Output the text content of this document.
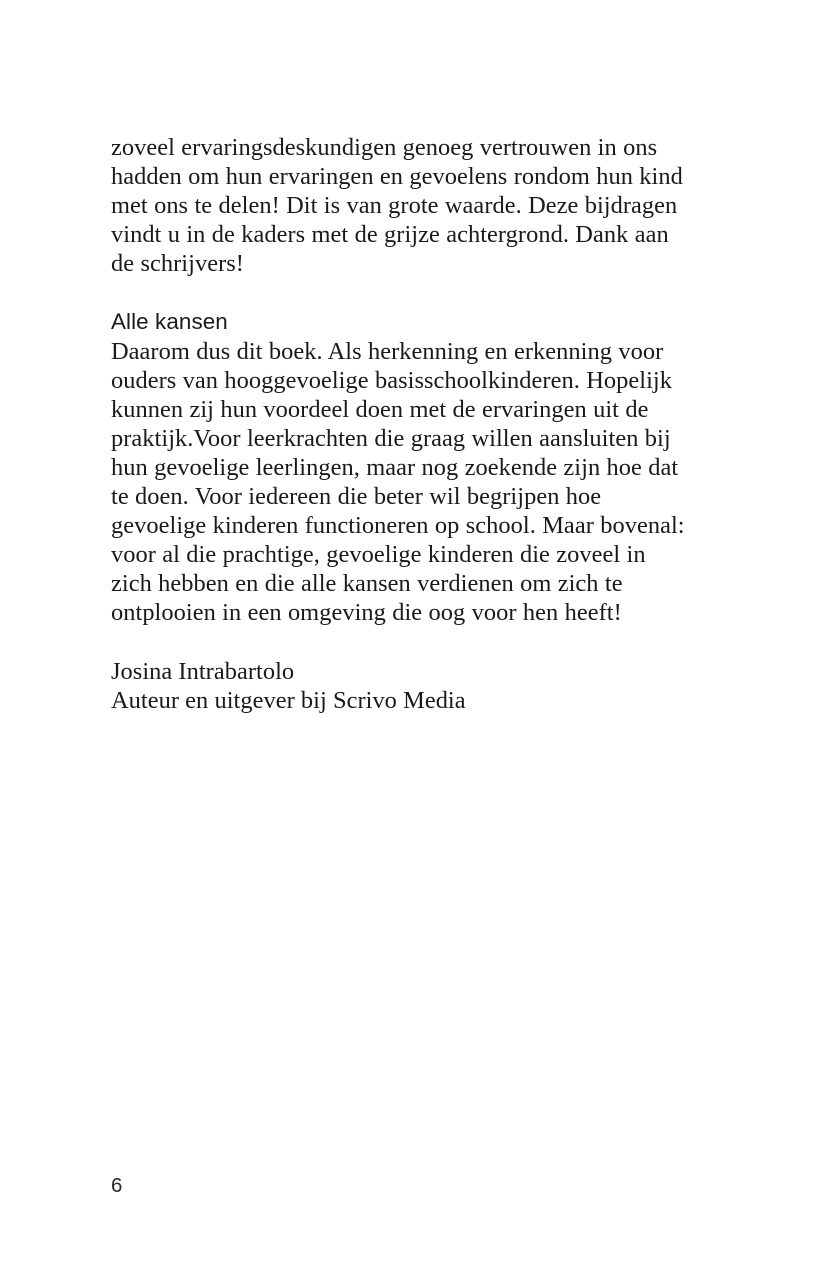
zoveel ervaringsdeskundigen genoeg vertrouwen in ons hadden om hun ervaringen en gevoelens rondom hun kind met ons te delen! Dit is van grote waarde. Deze bijdragen vindt u in de kaders met de grijze achtergrond. Dank aan de schrijvers!

Alle kansen

Daarom dus dit boek. Als herkenning en erkenning voor ouders van hooggevoelige basisschoolkinderen. Hopelijk kunnen zij hun voordeel doen met de ervaringen uit de praktijk.Voor leerkrachten die graag willen aansluiten bij hun gevoelige leerlingen, maar nog zoekende zijn hoe dat te doen. Voor iedereen die beter wil begrijpen hoe gevoelige kinderen functioneren op school. Maar bovenal: voor al die prachtige, gevoelige kinderen die zoveel in zich hebben en die alle kansen verdienen om zich te ontplooien in een omgeving die oog voor hen heeft!

Josina Intrabartolo

Auteur en uitgever bij Scrivo Media

6
